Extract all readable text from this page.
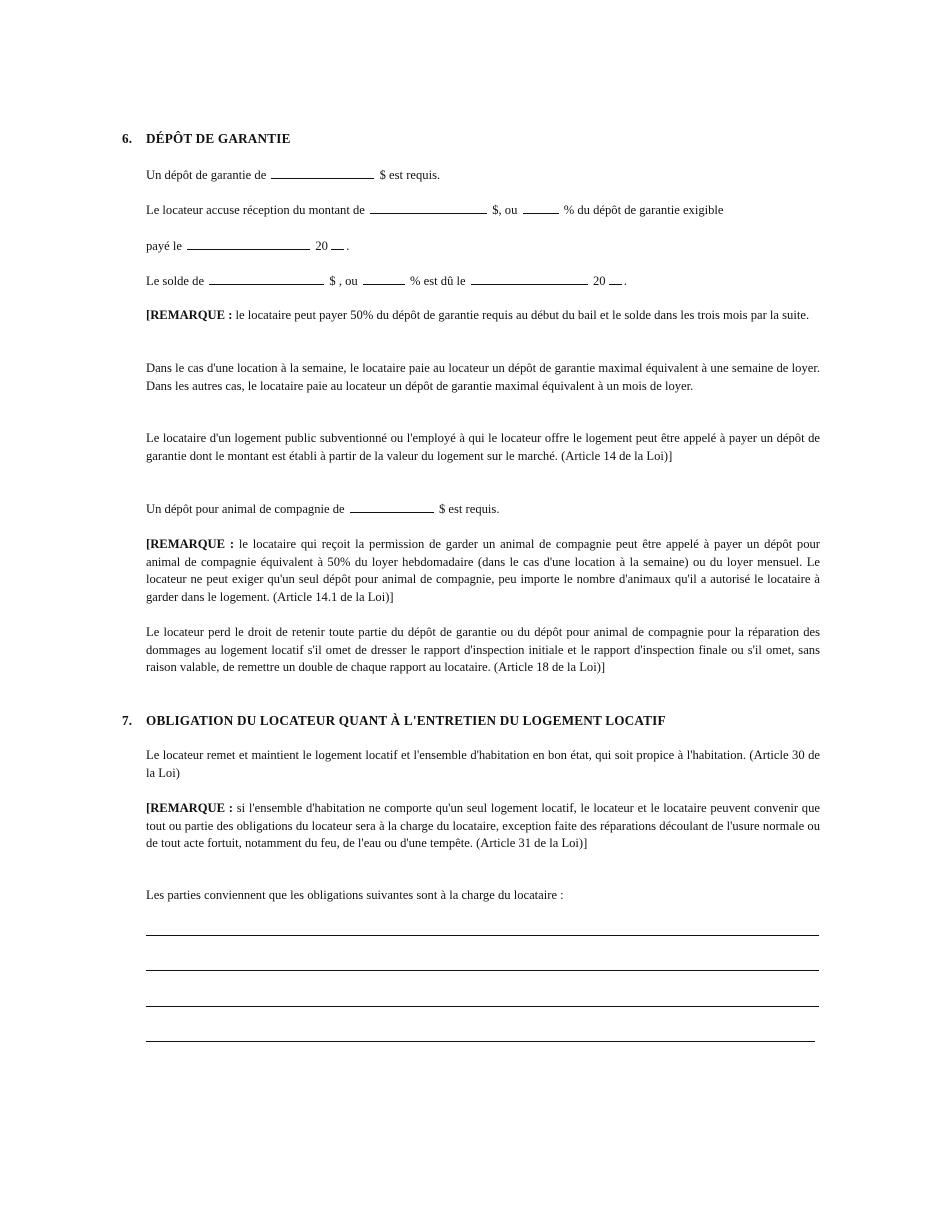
6. DÉPÔT DE GARANTIE
Un dépôt de garantie de	$ est requis.
Le locateur accuse réception du montant de	$, ou	% du dépôt de garantie exigible
payé le	20 .
Le solde de	$ , ou	% est dû le	20 .
[REMARQUE : le locataire peut payer 50% du dépôt de garantie requis au début du bail et le solde dans les trois mois par la suite.
Dans le cas d'une location à la semaine, le locataire paie au locateur un dépôt de garantie maximal équivalent à une semaine de loyer. Dans les autres cas, le locataire paie au locateur un dépôt de garantie maximal équivalent à un mois de loyer.
Le locataire d'un logement public subventionné ou l'employé à qui le locateur offre le logement peut être appelé à payer un dépôt de garantie dont le montant est établi à partir de la valeur du logement sur le marché. (Article 14 de la Loi)]
Un dépôt pour animal de compagnie de	$ est requis.
[REMARQUE : le locataire qui reçoit la permission de garder un animal de compagnie peut être appelé à payer un dépôt pour animal de compagnie équivalent à 50% du loyer hebdomadaire (dans le cas d'une location à la semaine) ou du loyer mensuel. Le locateur ne peut exiger qu'un seul dépôt pour animal de compagnie, peu importe le nombre d'animaux qu'il a autorisé le locataire à garder dans le logement. (Article 14.1 de la Loi)]
Le locateur perd le droit de retenir toute partie du dépôt de garantie ou du dépôt pour animal de compagnie pour la réparation des dommages au logement locatif s'il omet de dresser le rapport d'inspection initiale et le rapport d'inspection finale ou s'il omet, sans raison valable, de remettre un double de chaque rapport au locataire. (Article 18 de la Loi)]
7. OBLIGATION DU LOCATEUR QUANT À L'ENTRETIEN DU LOGEMENT LOCATIF
Le locateur remet et maintient le logement locatif et l'ensemble d'habitation en bon état, qui soit propice à l'habitation. (Article 30 de la Loi)
[REMARQUE : si l'ensemble d'habitation ne comporte qu'un seul logement locatif, le locateur et le locataire peuvent convenir que tout ou partie des obligations du locateur sera à la charge du locataire, exception faite des réparations découlant de l'usure normale ou de tout acte fortuit, notamment du feu, de l'eau ou d'une tempête. (Article 31 de la Loi)]
Les parties conviennent que les obligations suivantes sont à la charge du locataire :
